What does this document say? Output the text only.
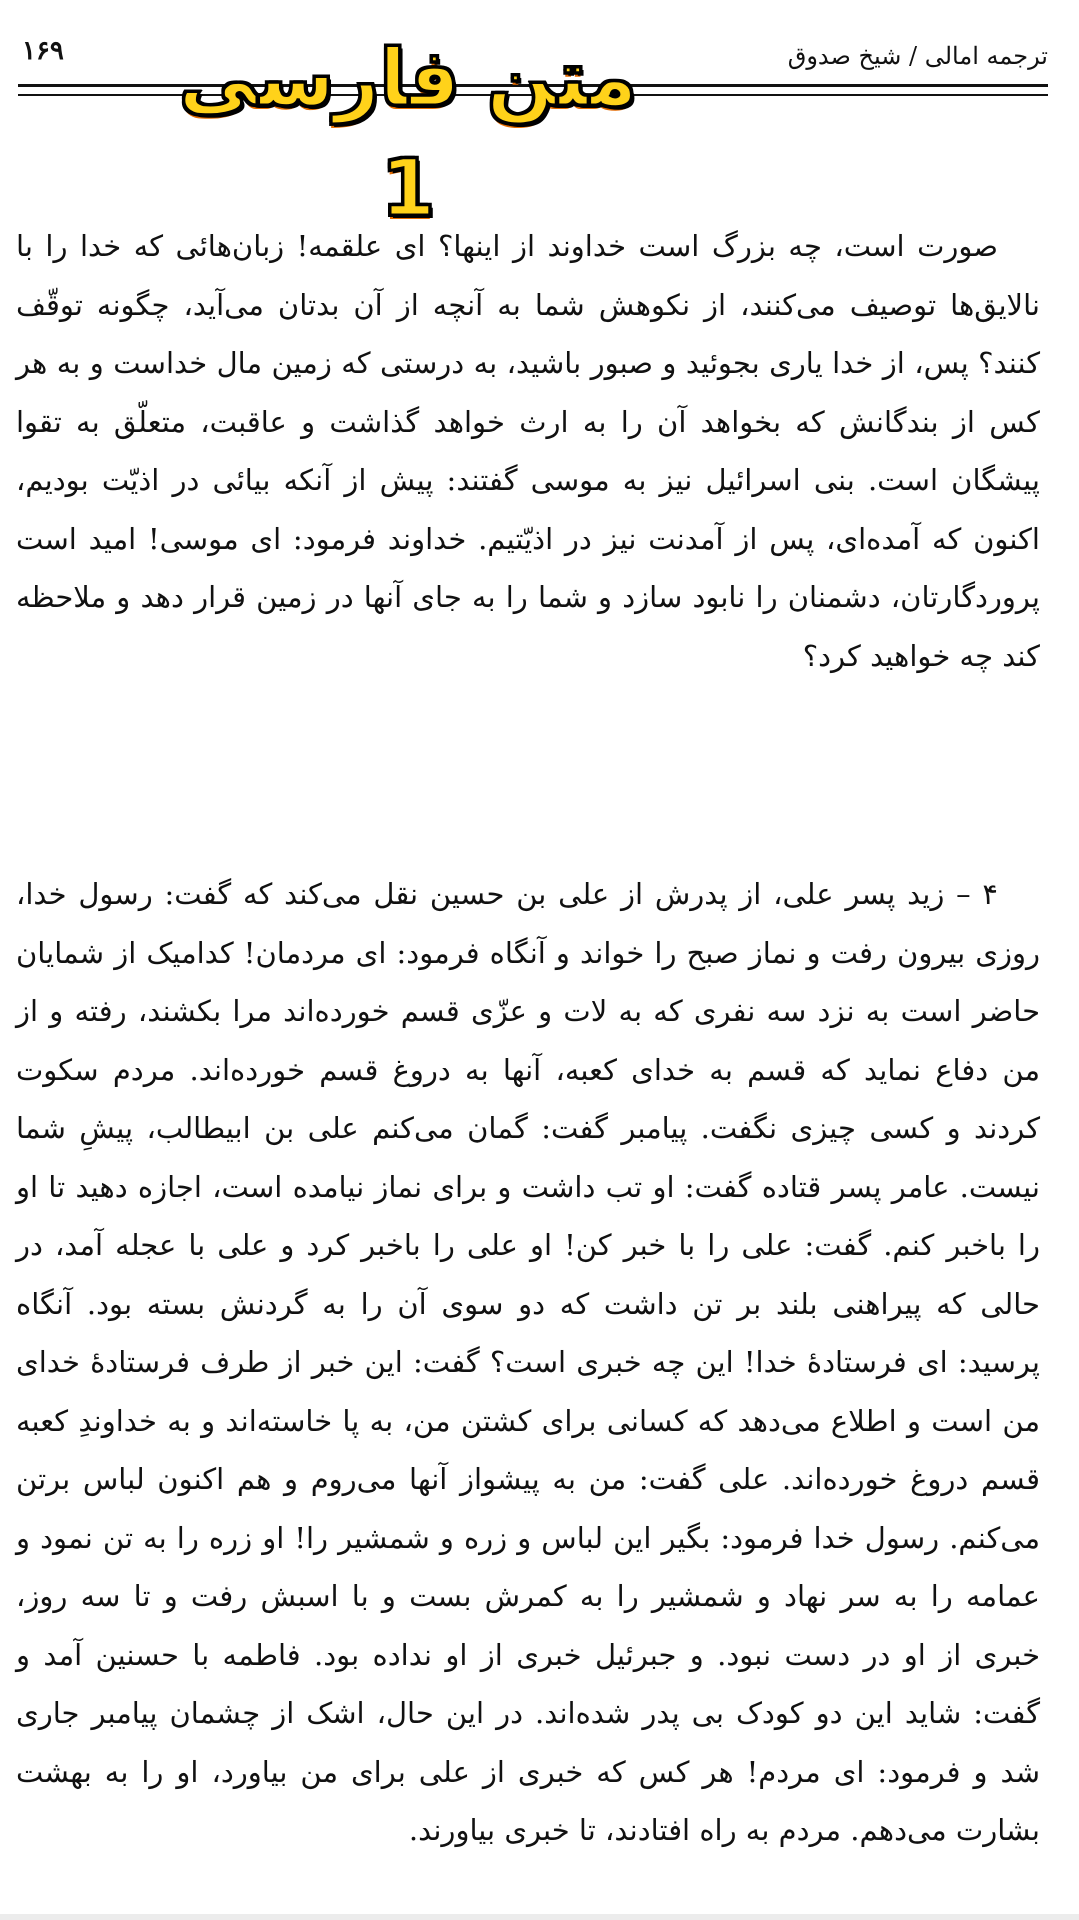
۱۶۹	ترجمه امالی / شیخ صدوق
متن فارسی 1

صورت است، چه بزرگ است خداوند از اینها؟ ای علقمه! زبان‌هائی که خدا را با نالایق‌ها توصیف می‌کنند، از نکوهش شما به آنچه از آن بدتان می‌آید، چگونه توقّف کنند؟ پس، از خدا یاری بجوئید و صبور باشید، به درستی که زمین مال خداست و به هر کس از بندگانش که بخواهد آن را به ارث خواهد گذاشت و عاقبت، متعلّق به تقوا پیشگان است. بنی اسرائیل نیز به موسی گفتند: پیش از آنکه بیائی در اذیّت بودیم، اکنون که آمده‌ای، پس از آمدنت نیز در اذیّتیم. خداوند فرمود: ای موسی! امید است پروردگارتان، دشمنان را نابود سازد و شما را به جای آنها در زمین قرار دهد و ملاحظه کند چه خواهید کرد؟

۴ – زید پسر علی، از پدرش از علی بن حسین نقل می‌کند که گفت: رسول خدا، روزی بیرون رفت و نماز صبح را خواند و آنگاه فرمود: ای مردمان! کدامیک از شمایان حاضر است به نزد سه نفری که به لات و عزّی قسم خورده‌اند مرا بکشند، رفته و از من دفاع نماید که قسم به خدای کعبه، آنها به دروغ قسم خورده‌اند. مردم سکوت کردند و کسی چیزی نگفت. پیامبر گفت: گمان می‌کنم علی بن ابیطالب، پیشِ شما نیست. عامر پسر قتاده گفت: او تب داشت و برای نماز نیامده است، اجازه دهید تا او را باخبر کنم. گفت: علی را با خبر کن! او علی را باخبر کرد و علی با عجله آمد، در حالی که پیراهنی بلند بر تن داشت که دو سوی آن را به گردنش بسته بود. آنگاه پرسید: ای فرستادهٔ خدا! این چه خبری است؟ گفت: این خبر از طرف فرستادهٔ خدای من است و اطلاع می‌دهد که کسانی برای کشتن من، به پا خاسته‌اند و به خداوندِ کعبه قسم دروغ خورده‌اند. علی گفت: من به پیشواز آنها می‌روم و هم اکنون لباس برتن می‌کنم. رسول خدا فرمود: بگیر این لباس و زره و شمشیر را! او زره را به تن نمود و عمامه را به سر نهاد و شمشیر را به کمرش بست و با اسبش رفت و تا سه روز، خبری از او در دست نبود. و جبرئیل خبری از او نداده بود. فاطمه با حسنین آمد و گفت: شاید این دو کودک بی پدر شده‌اند. در این حال، اشک از چشمان پیامبر جاری شد و فرمود: ای مردم! هر کس که خبری از علی برای من بیاورد، او را به بهشت بشارت می‌دهم. مردم به راه افتادند، تا خبری بیاورند.
